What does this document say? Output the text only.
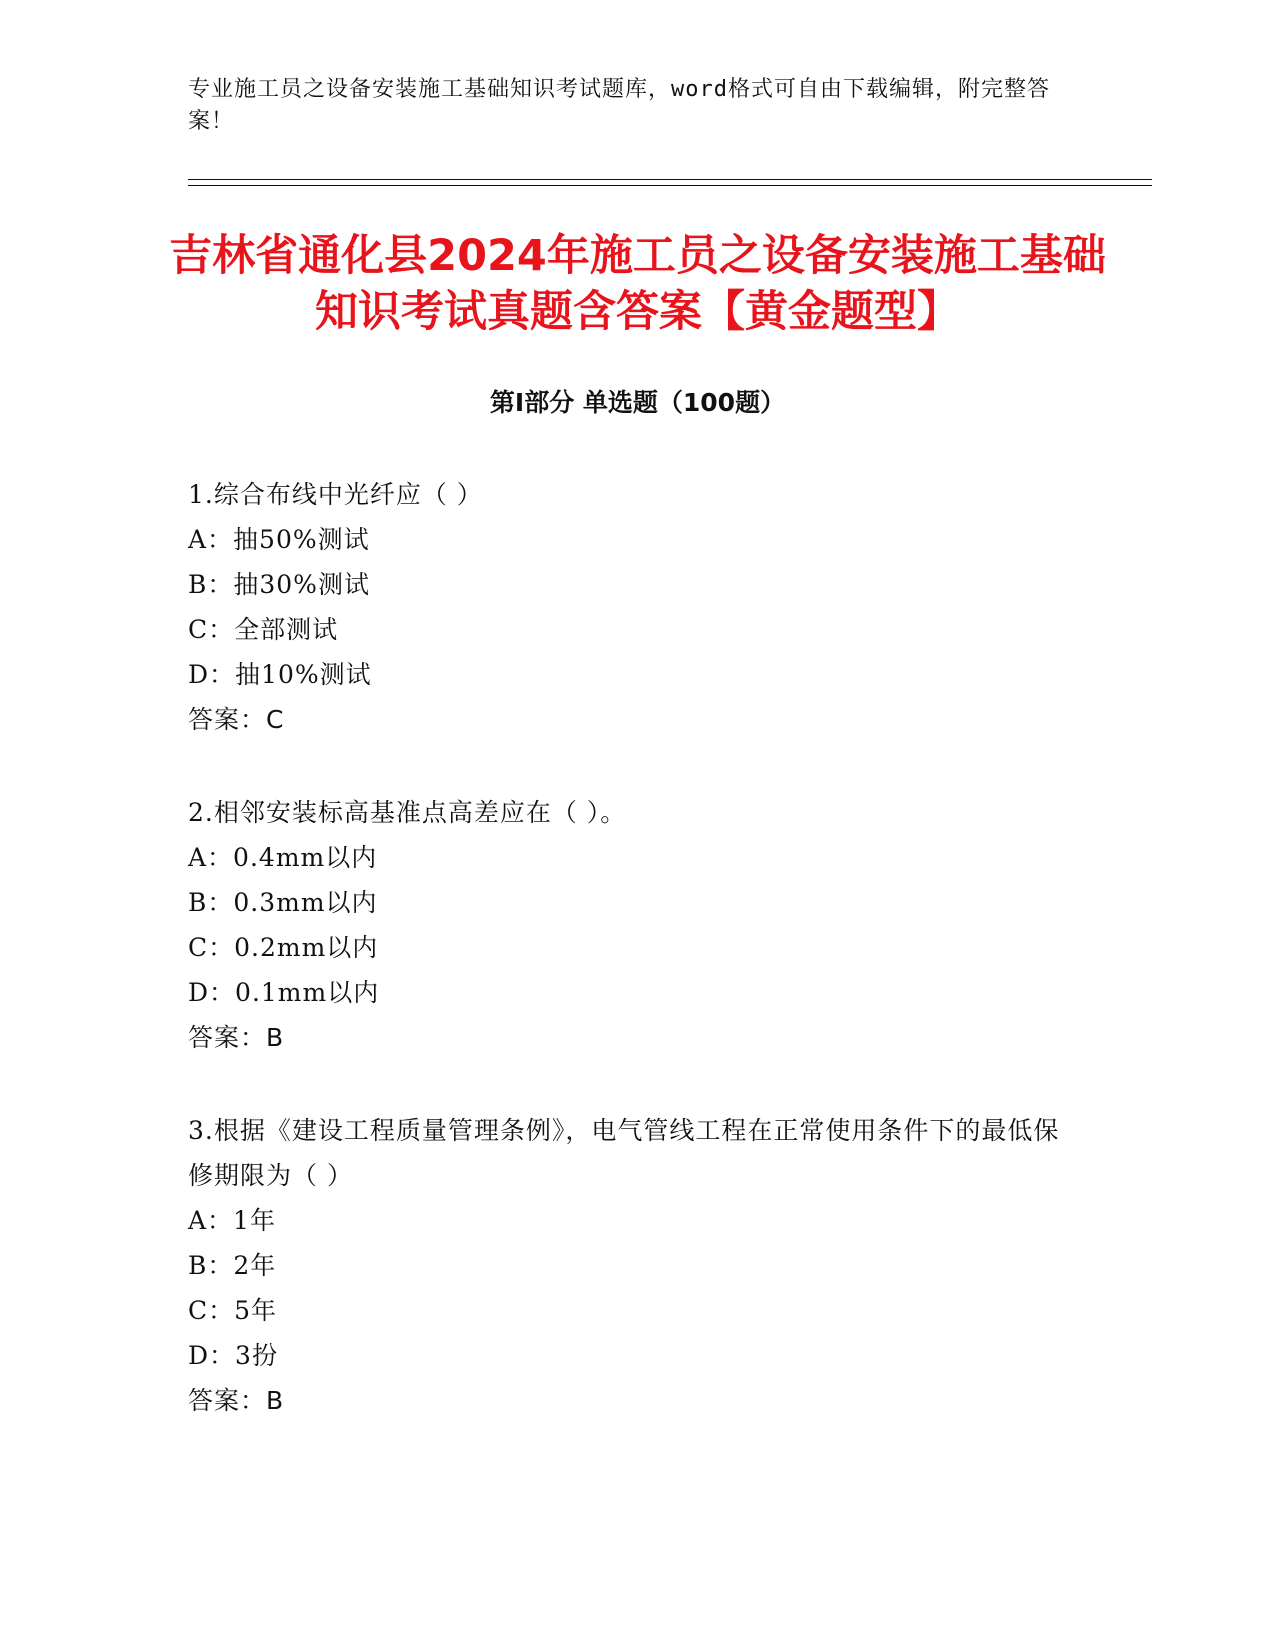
专业施工员之设备安装施工基础知识考试题库，word格式可自由下载编辑，附完整答案！
吉林省通化县2024年施工员之设备安装施工基础知识考试真题含答案【黄金题型】
第I部分 单选题（100题）
1.综合布线中光纤应（ ）
A：抽50%测试
B：抽30%测试
C：全部测试
D：抽10%测试
答案：C
2.相邻安装标高基准点高差应在（ ）。
A：0.4mm以内
B：0.3mm以内
C：0.2mm以内
D：0.1mm以内
答案：B
3.根据《建设工程质量管理条例》，电气管线工程在正常使用条件下的最低保修期限为（ ）
A：1年
B：2年
C：5年
D：3扮
答案：B
